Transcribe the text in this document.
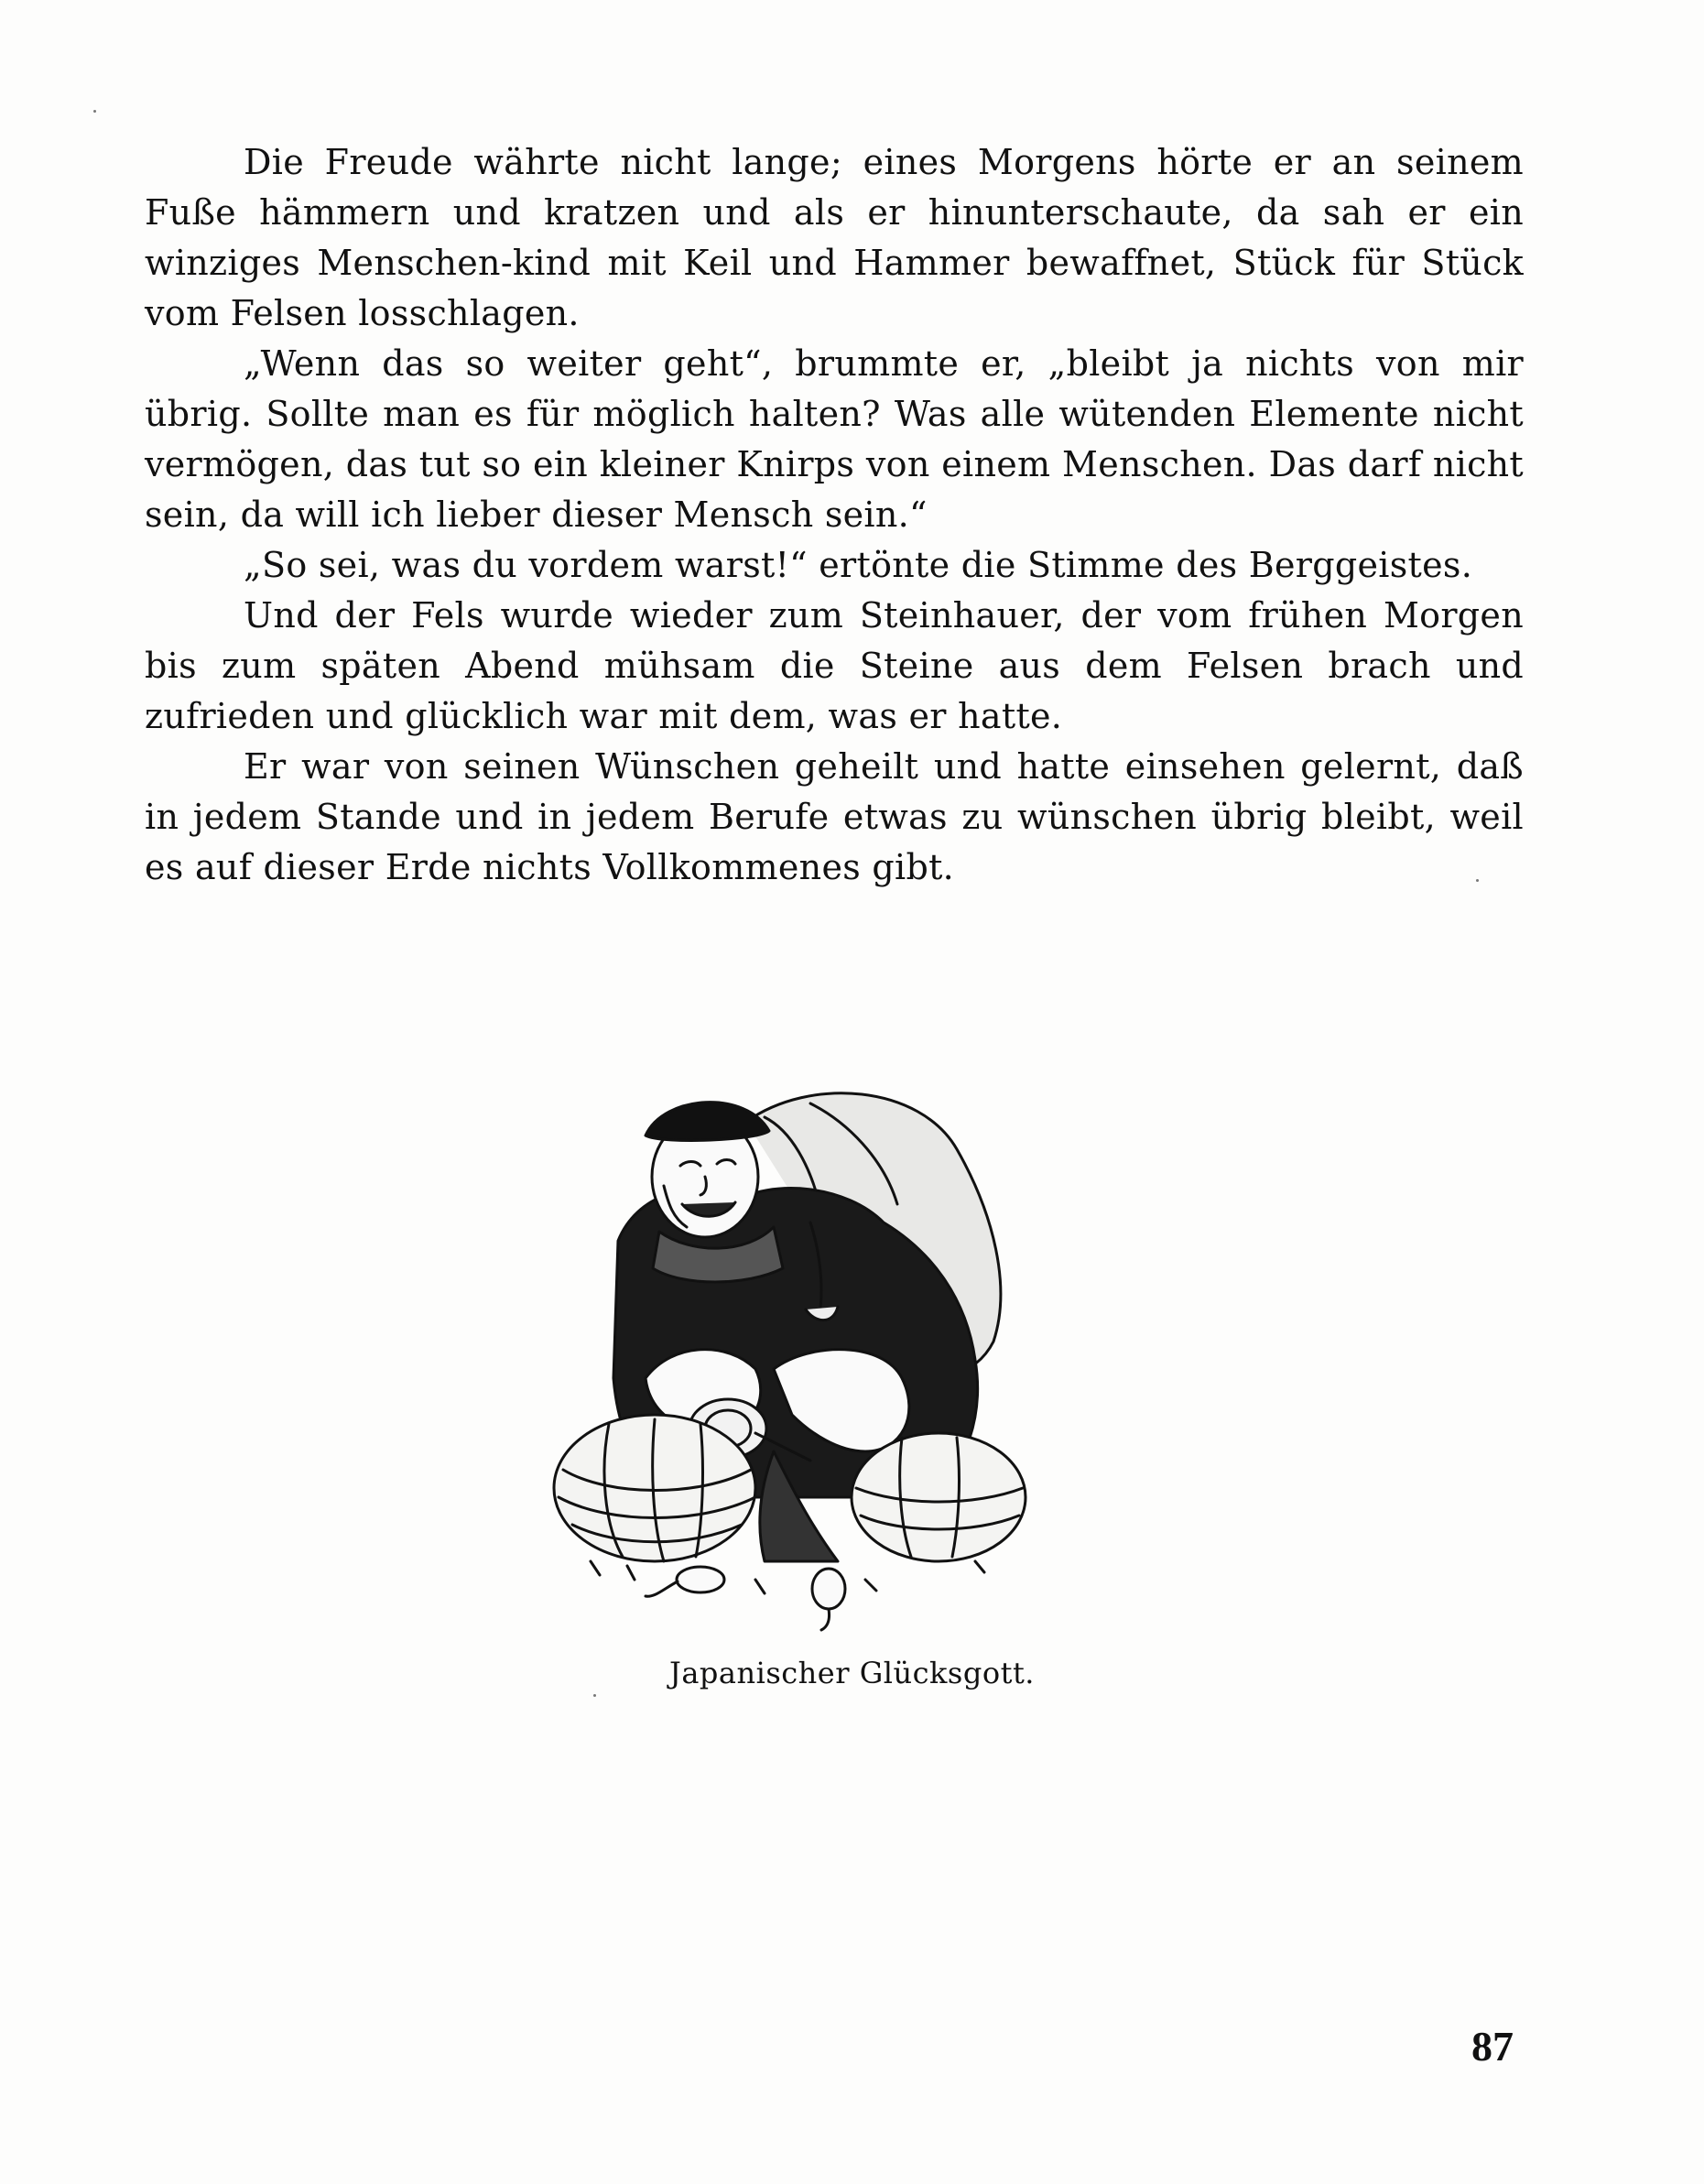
Die Freude währte nicht lange; eines Morgens hörte er an seinem Fuße hämmern und kratzen und als er hinunterschaute, da sah er ein winziges Menschen-kind mit Keil und Hammer bewaffnet, Stück für Stück vom Felsen losschlagen.

„Wenn das so weiter geht“, brummte er, „bleibt ja nichts von mir übrig. Sollte man es für möglich halten? Was alle wütenden Elemente nicht vermögen, das tut so ein kleiner Knirps von einem Menschen. Das darf nicht sein, da will ich lieber dieser Mensch sein.“

„So sei, was du vordem warst!“ ertönte die Stimme des Berggeistes.

Und der Fels wurde wieder zum Steinhauer, der vom frühen Morgen bis zum späten Abend mühsam die Steine aus dem Felsen brach und zufrieden und glücklich war mit dem, was er hatte.

Er war von seinen Wünschen geheilt und hatte einsehen gelernt, daß in jedem Stande und in jedem Berufe etwas zu wünschen übrig bleibt, weil es auf dieser Erde nichts Vollkommenes gibt.

Japanischer Glücksgott.
87
